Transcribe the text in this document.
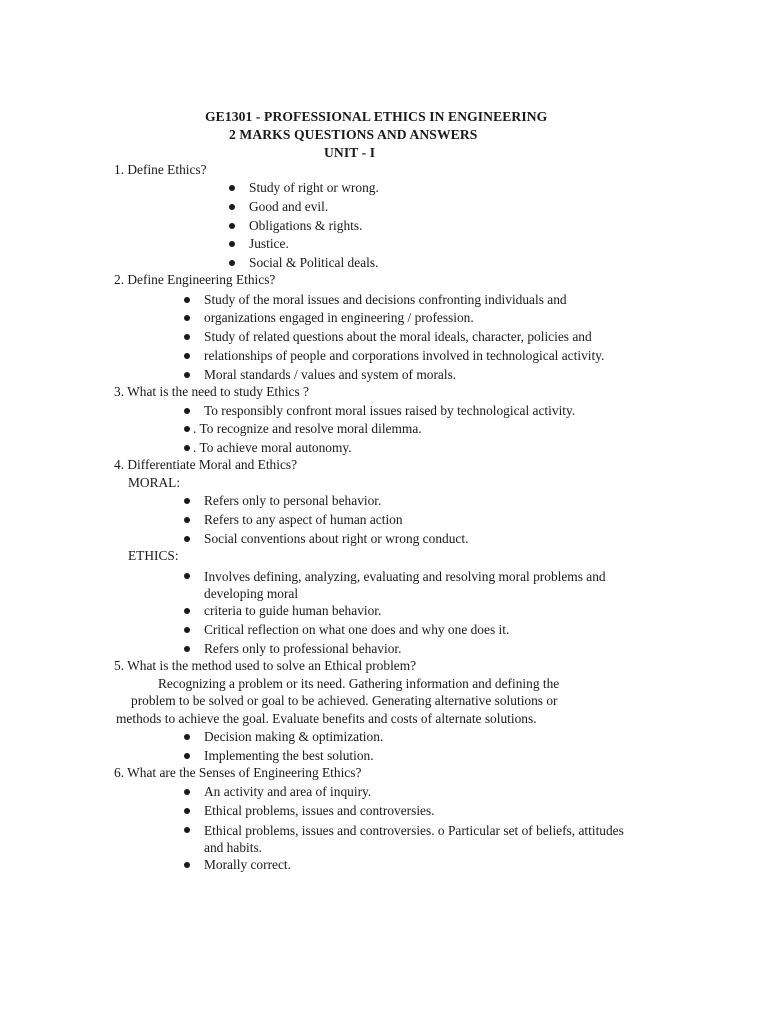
GE1301 - PROFESSIONAL ETHICS IN ENGINEERING
2 MARKS QUESTIONS AND ANSWERS
UNIT - I
1. Define Ethics?
Study of right or wrong.
Good and evil.
Obligations & rights.
Justice.
Social & Political deals.
2. Define Engineering Ethics?
Study of the moral issues and decisions confronting individuals and
organizations engaged in engineering / profession.
Study of related questions about the moral ideals, character, policies and
relationships of people and corporations involved in technological activity.
Moral standards / values and system of morals.
3. What is the need to study Ethics ?
To responsibly confront moral issues raised by technological activity.
. To recognize and resolve moral dilemma.
. To achieve moral autonomy.
4. Differentiate Moral and Ethics?
MORAL:
Refers only to personal behavior.
Refers to any aspect of human action
Social conventions about right or wrong conduct.
ETHICS:
Involves defining, analyzing, evaluating and resolving moral problems and developing moral
criteria to guide human behavior.
Critical reflection on what one does and why one does it.
Refers only to professional behavior.
5. What is the method used to solve an Ethical problem?
Recognizing a problem or its need. Gathering information and defining the
problem to be solved or goal to be achieved. Generating alternative solutions or
methods to achieve the goal. Evaluate benefits and costs of alternate solutions.
Decision making & optimization.
Implementing the best solution.
6. What are the Senses of Engineering Ethics?
An activity and area of inquiry.
Ethical problems, issues and controversies.
Ethical problems, issues and controversies. o Particular set of beliefs, attitudes and habits.
Morally correct.
